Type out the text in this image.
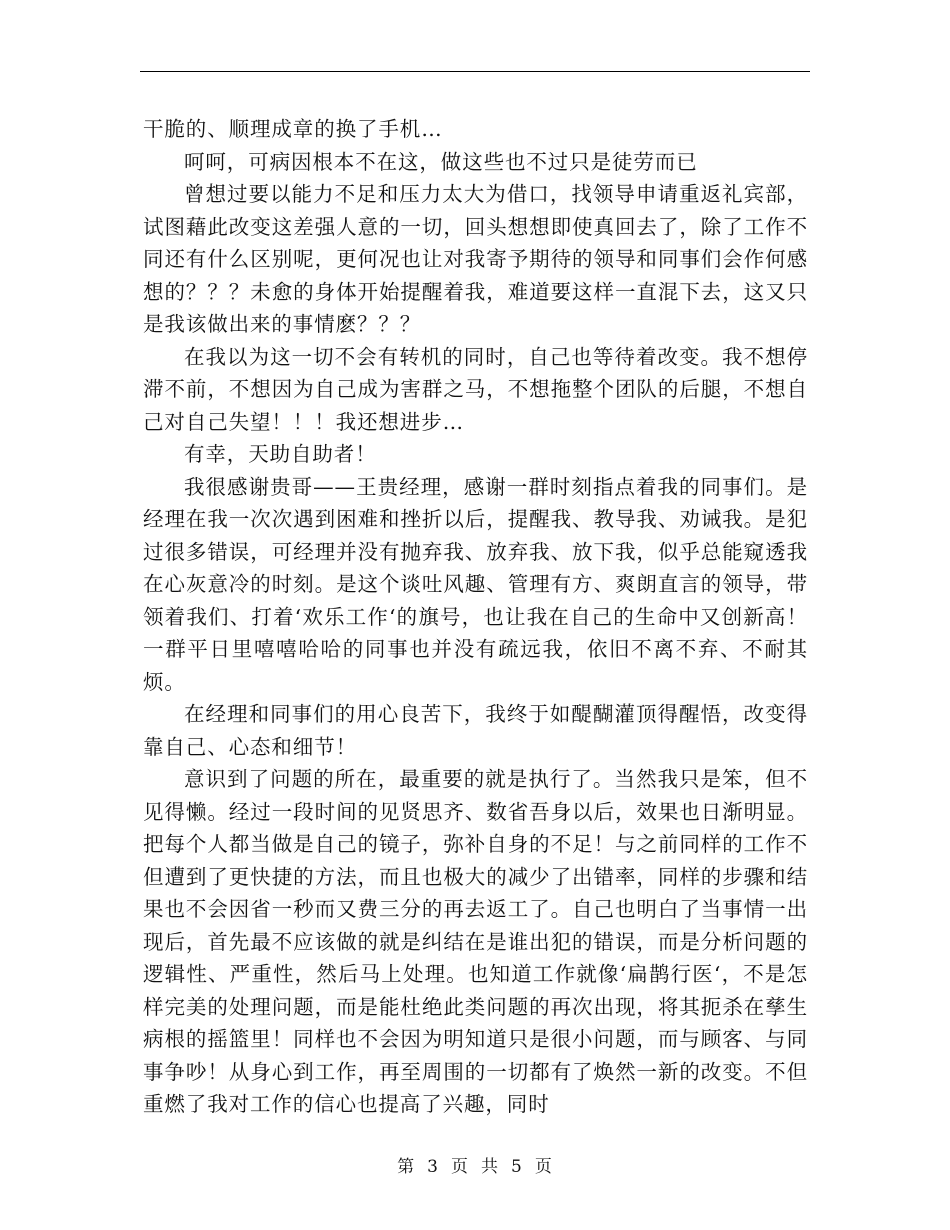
干脆的、顺理成章的换了手机…

呵呵，可病因根本不在这，做这些也不过只是徒劳而已

曾想过要以能力不足和压力太大为借口，找领导申请重返礼宾部，试图藉此改变这差强人意的一切，回头想想即使真回去了，除了工作不同还有什么区别呢，更何况也让对我寄予期待的领导和同事们会作何感想的？？？未愈的身体开始提醒着我，难道要这样一直混下去，这又只是我该做出来的事情麽？？？

在我以为这一切不会有转机的同时，自己也等待着改变。我不想停滞不前，不想因为自己成为害群之马，不想拖整个团队的后腿，不想自己对自己失望！！！我还想进步…

有幸，天助自助者！

我很感谢贵哥——王贵经理，感谢一群时刻指点着我的同事们。是经理在我一次次遇到困难和挫折以后，提醒我、教导我、劝诫我。是犯过很多错误，可经理并没有抛弃我、放弃我、放下我，似乎总能窥透我在心灰意冷的时刻。是这个谈吐风趣、管理有方、爽朗直言的领导，带领着我们、打着‘欢乐工作‘的旗号，也让我在自己的生命中又创新高！一群平日里嘻嘻哈哈的同事也并没有疏远我，依旧不离不弃、不耐其烦。

在经理和同事们的用心良苦下，我终于如醍醐灌顶得醒悟，改变得靠自己、心态和细节！

意识到了问题的所在，最重要的就是执行了。当然我只是笨，但不见得懒。经过一段时间的见贤思齐、数省吾身以后，效果也日渐明显。把每个人都当做是自己的镜子，弥补自身的不足！与之前同样的工作不但遭到了更快捷的方法，而且也极大的减少了出错率，同样的步骤和结果也不会因省一秒而又费三分的再去返工了。自己也明白了当事情一出现后，首先最不应该做的就是纠结在是谁出犯的错误，而是分析问题的逻辑性、严重性，然后马上处理。也知道工作就像‘扁鹊行医‘，不是怎样完美的处理问题，而是能杜绝此类问题的再次出现，将其扼杀在孳生病根的摇篮里！同样也不会因为明知道只是很小问题，而与顾客、与同事争吵！从身心到工作，再至周围的一切都有了焕然一新的改变。不但重燃了我对工作的信心也提高了兴趣，同时

第 3 页 共 5 页
